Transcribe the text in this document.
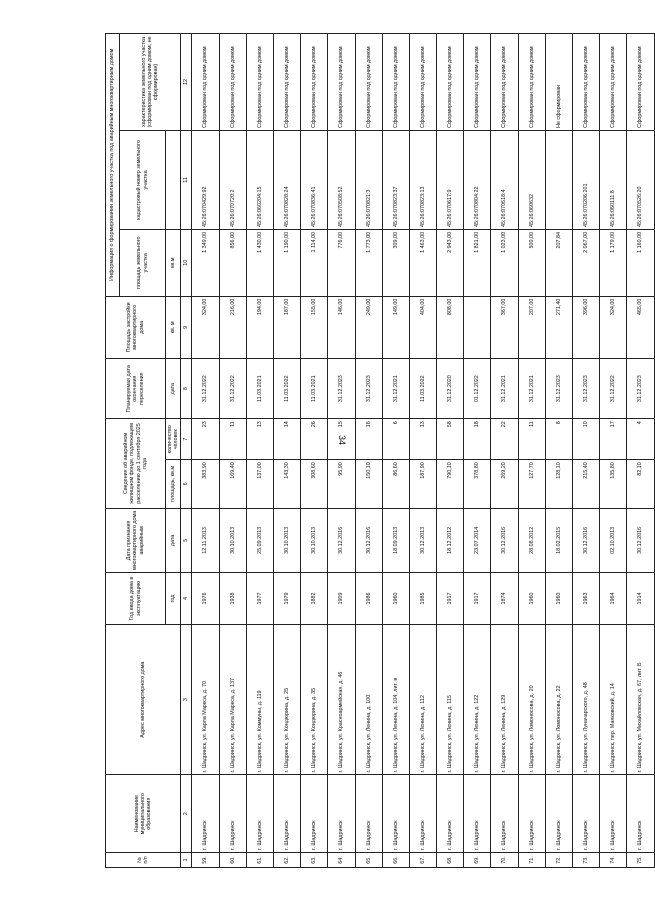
34
№ п/п	Наименование муниципального образования	Адрес многоквартирного дома	Год ввода дома в эксплуатацию	Дата признания многоквартирного дома аварийным	Сведения об аварийном жилищном фонде, подлежащем расселению до 1 сентября 2025 года		Планируемая дата окончания переселения	Площадь застройки многоквартирного дома	Информация о формировании земельного участка под аварийным многоквартирным домом		
									площадь земельного участка	кадастровый номер земельного участка	характеристика земельного участка (сформирован под одним домом, не сформирован)
			год	дата	площадь, кв.м	количество человек	дата	кв. м	кв.м		
1	2	3	4	5	6	7	8	9	10	11	12
59.	г. Шадринск	г. Шадринск, ул. Карла Маркса, д. 70	1976	12.11.2013	383,90	23	31.12.2022	324,00	1 349,00	45:26:070429:92	Сформирован под одним домом
60.	г. Шадринск	г. Шадринск, ул. Карла Маркса, д. 137	1938	30.10.2013	169,40	11	31.12.2022	216,00	856,00	45:26:070720:2	Сформирован под одним домом
61.	г. Шадринск	г. Шадринск, ул. Коммуны, д. 119	1977	25.09.2013	137,00	13	11.03.2021	194,00	1 430,00	45:26:060204:15	Сформирован под одним домом
62.	г. Шадринск	г. Шадринск, ул. Кондюрина, д. 25	1979	30.10.2013	143,30	14	11.03.2022	187,00	1 190,00	45:26:070828:24	Сформирован под одним домом
63.	г. Шадринск	г. Шадринск, ул. Кондюрина, д. 35	1882	30.10.2013	308,60	26	11.03.2021	155,00	1 114,00	45:26:070836:41	Сформирован под одним домом
64.	г. Шадринск	г. Шадринск, ул. Красноармейская, д. 46	1909	30.12.2016	95,90	15	31.12.2023	146,00	776,00	45:26:070508:52	Сформирован под одним домом
65.	г. Шадринск	г. Шадринск, ул. Ленина, д. 100	1986	30.12.2016	150,10	16	31.12.2023	249,00	1 773,00	45:26:070821:3	Сформирован под одним домом
66.	г. Шадринск	г. Шадринск, ул. Ленина, д. 104, лит. в	1960	18.09.2013	86,60	6	31.12.2021	149,00	309,00	45:26:070823:37	Сформирован под одним домом
67.	г. Шадринск	г. Шадринск, ул. Ленина, д. 112	1985	30.12.2013	187,90	13	11.03.2022	404,00	1 463,00	45:26:070823:13	Сформирован под одним домом
68.	г. Шадринск	г. Шадринск, ул. Ленина, д. 115	1917	18.12.2012	790,10	58	31.12.2020	808,00	2 943,00	45:26:070617:9	Сформирован под одним домом
69.	г. Шадринск	г. Шадринск, ул. Ленина, д. 122	1917	23.07.2014	378,80	18	01.12.2022		1 821,00	45:26:070804:22	Сформирован под одним домом
70.	г. Шадринск	г. Шадринск, ул. Ленина, д. 129	1874	30.12.2016	269,20	22	31.12.2021	367,00	1 023,00	45:26:070618:4	Сформирован под одним домом
71.	г. Шадринск	г. Шадринск, ул. Ломоносова, д. 20	1960	28.08.2012	127,70	11	31.12.2021	207,00	500,00	45:26:060632	Сформирован под одним домом
72.	г. Шадринск	г. Шадринск, ул. Ломоносова, д. 22	1960	18.02.2015	128,10	8	31.12.2023	271,40	207,84		Не сформирован
73.	г. Шадринск	г. Шадринск, ул. Луначарского, д. 48	1963	30.12.2016	215,40	10	31.12.2023	396,00	2 067,00	45:26:070206:201	Сформирован под одним домом
74.	г. Шадринск	г. Шадринск, пер. Маяковский, д. 14	1964	02.10.2013	135,80	17	31.12.2022	324,00	1 179,00	45:26:060111:8	Сформирован под одним домом
75.	г. Шадринск	г. Шадринск, ул. Михайловская, д. 67, лит. Б	1914	30.12.2016	82,10	4	31.12.2023	465,00	1 160,00	45:26:070526:20	Сформирован под одним домом
